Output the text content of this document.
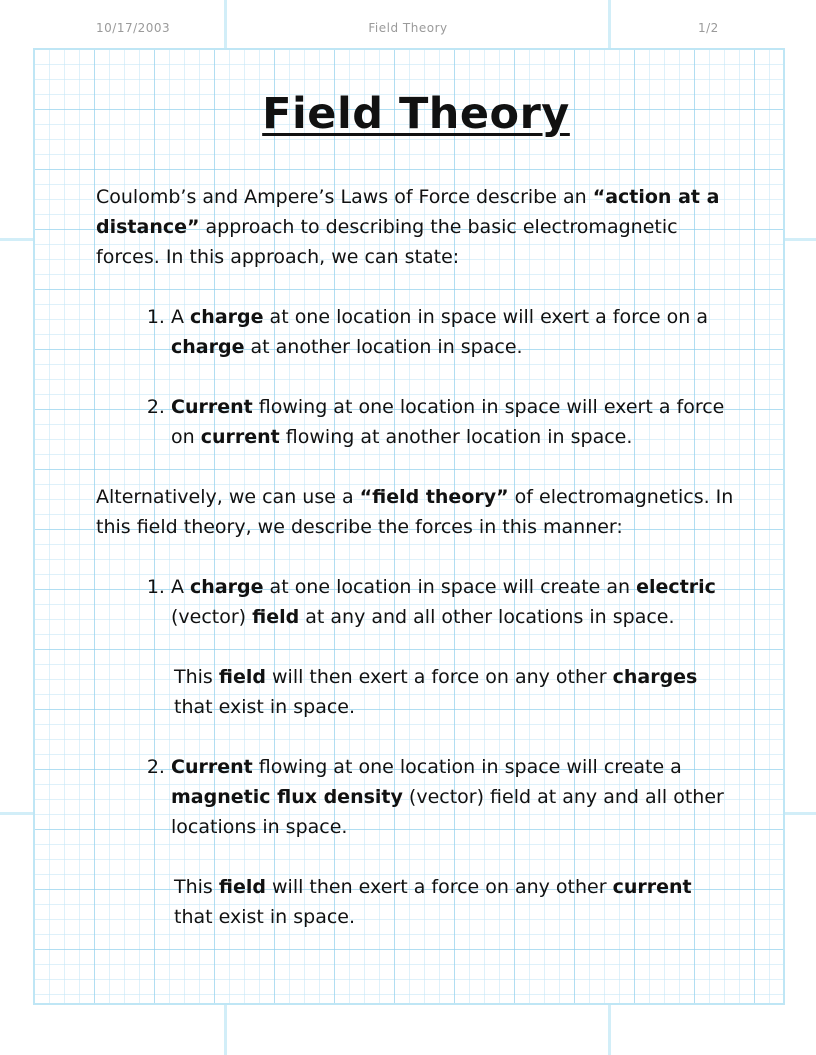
10/17/2003	Field Theory	1/2
Field Theory

Coulomb’s and Ampere’s Laws of Force describe an “action at a distance” approach to describing the basic electromagnetic forces. In this approach, we can state:

1. A charge at one location in space will exert a force on a charge at another location in space.
2. Current flowing at one location in space will exert a force on current flowing at another location in space.

Alternatively, we can use a “field theory” of electromagnetics. In this field theory, we describe the forces in this manner:

1. A charge at one location in space will create an electric (vector) field at any and all other locations in space.
This field will then exert a force on any other charges that exist in space.
2. Current flowing at one location in space will create a magnetic flux density (vector) field at any and all other locations in space.
This field will then exert a force on any other current that exist in space.
